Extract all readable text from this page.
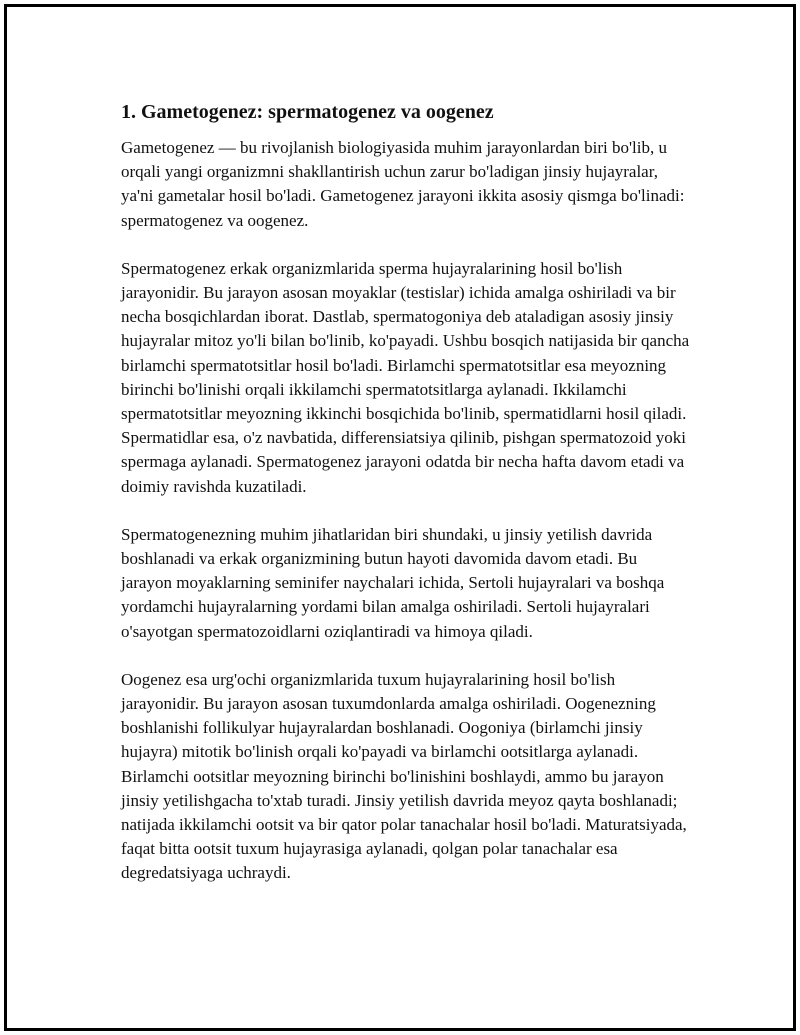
1. Gametogenez: spermatogenez va oogenez

Gametogenez — bu rivojlanish biologiyasida muhim jarayonlardan biri bo'lib, u orqali yangi organizmni shakllantirish uchun zarur bo'ladigan jinsiy hujayralar, ya'ni gametalar hosil bo'ladi. Gametogenez jarayoni ikkita asosiy qismga bo'linadi: spermatogenez va oogenez.

Spermatogenez erkak organizmlarida sperma hujayralarining hosil bo'lish jarayonidir. Bu jarayon asosan moyaklar (testislar) ichida amalga oshiriladi va bir necha bosqichlardan iborat. Dastlab, spermatogoniya deb ataladigan asosiy jinsiy hujayralar mitoz yo'li bilan bo'linib, ko'payadi. Ushbu bosqich natijasida bir qancha birlamchi spermatotsitlar hosil bo'ladi. Birlamchi spermatotsitlar esa meyozning birinchi bo'linishi orqali ikkilamchi spermatotsitlarga aylanadi. Ikkilamchi spermatotsitlar meyozning ikkinchi bosqichida bo'linib, spermatidlarni hosil qiladi. Spermatidlar esa, o'z navbatida, differensiatsiya qilinib, pishgan spermatozoid yoki spermaga aylanadi. Spermatogenez jarayoni odatda bir necha hafta davom etadi va doimiy ravishda kuzatiladi.

Spermatogenezning muhim jihatlaridan biri shundaki, u jinsiy yetilish davrida boshlanadi va erkak organizmining butun hayoti davomida davom etadi. Bu jarayon moyaklarning seminifer naychalari ichida, Sertoli hujayralari va boshqa yordamchi hujayralarning yordami bilan amalga oshiriladi. Sertoli hujayralari o'sayotgan spermatozoidlarni oziqlantiradi va himoya qiladi.

Oogenez esa urg'ochi organizmlarida tuxum hujayralarining hosil bo'lish jarayonidir. Bu jarayon asosan tuxumdonlarda amalga oshiriladi. Oogenezning boshlanishi follikulyar hujayralardan boshlanadi. Oogoniya (birlamchi jinsiy hujayra) mitotik bo'linish orqali ko'payadi va birlamchi ootsitlarga aylanadi. Birlamchi ootsitlar meyozning birinchi bo'linishini boshlaydi, ammo bu jarayon jinsiy yetilishgacha to'xtab turadi. Jinsiy yetilish davrida meyoz qayta boshlanadi; natijada ikkilamchi ootsit va bir qator polar tanachalar hosil bo'ladi. Maturatsiyada, faqat bitta ootsit tuxum hujayrasiga aylanadi, qolgan polar tanachalar esa degredatsiyaga uchraydi.
